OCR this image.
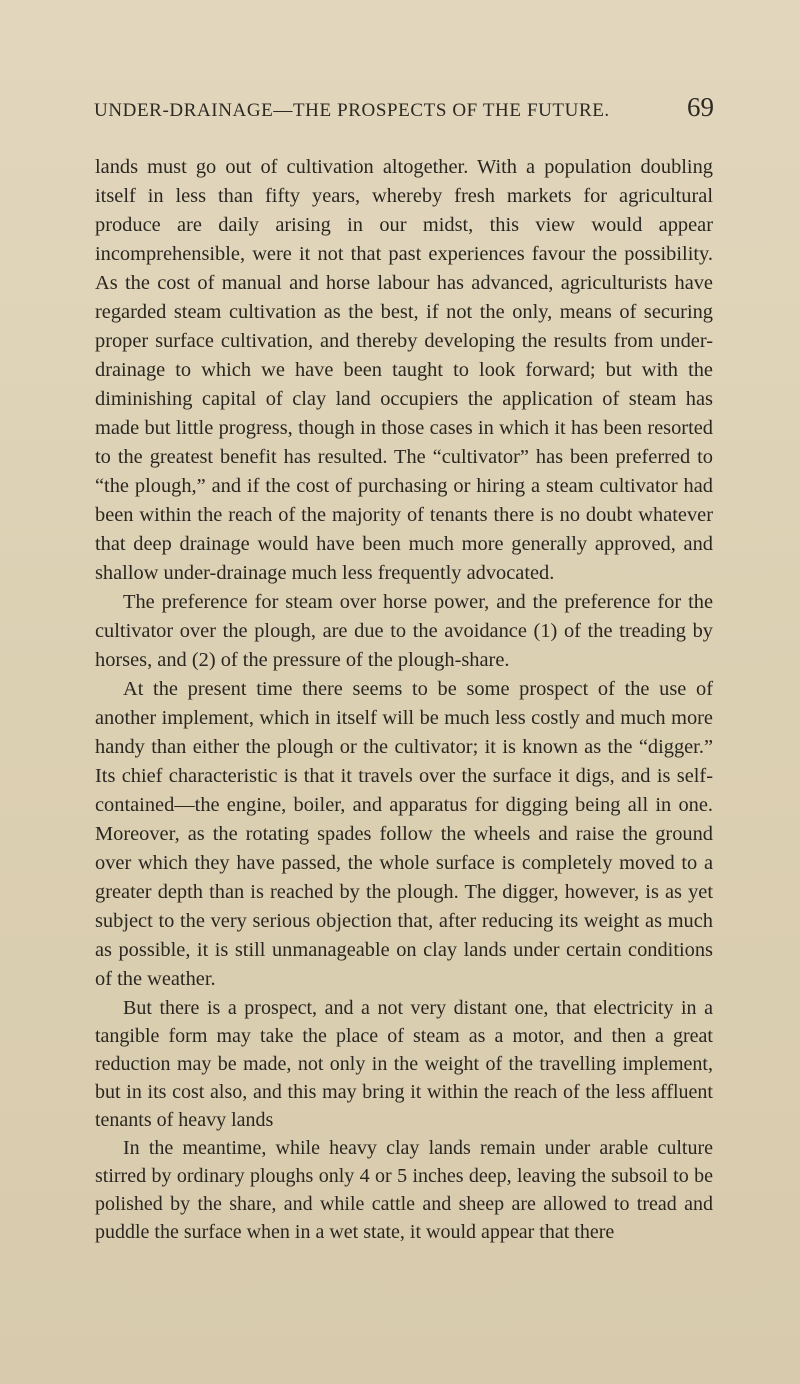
UNDER-DRAINAGE—THE PROSPECTS OF THE FUTURE.	69

lands must go out of cultivation altogether. With a population doubling itself in less than fifty years, whereby fresh markets for agricultural produce are daily arising in our midst, this view would appear incomprehensible, were it not that past experiences favour the possibility. As the cost of manual and horse labour has advanced, agriculturists have regarded steam cultivation as the best, if not the only, means of securing proper surface cultivation, and thereby developing the results from under-drainage to which we have been taught to look forward; but with the diminishing capital of clay land occupiers the application of steam has made but little progress, though in those cases in which it has been resorted to the greatest benefit has resulted. The “cultivator” has been preferred to “the plough,” and if the cost of purchasing or hiring a steam cultivator had been within the reach of the majority of tenants there is no doubt whatever that deep drainage would have been much more generally approved, and shallow under-drainage much less frequently advocated.

The preference for steam over horse power, and the preference for the cultivator over the plough, are due to the avoidance (1) of the treading by horses, and (2) of the pressure of the plough-share.

At the present time there seems to be some prospect of the use of another implement, which in itself will be much less costly and much more handy than either the plough or the cultivator; it is known as the “digger.” Its chief characteristic is that it travels over the surface it digs, and is self-contained—the engine, boiler, and apparatus for digging being all in one. Moreover, as the rotating spades follow the wheels and raise the ground over which they have passed, the whole surface is completely moved to a greater depth than is reached by the plough. The digger, however, is as yet subject to the very serious objection that, after reducing its weight as much as possible, it is still unmanageable on clay lands under certain conditions of the weather.

But there is a prospect, and a not very distant one, that electricity in a tangible form may take the place of steam as a motor, and then a great reduction may be made, not only in the weight of the travelling implement, but in its cost also, and this may bring it within the reach of the less affluent tenants of heavy lands

In the meantime, while heavy clay lands remain under arable culture stirred by ordinary ploughs only 4 or 5 inches deep, leaving the subsoil to be polished by the share, and while cattle and sheep are allowed to tread and puddle the surface when in a wet state, it would appear that there
